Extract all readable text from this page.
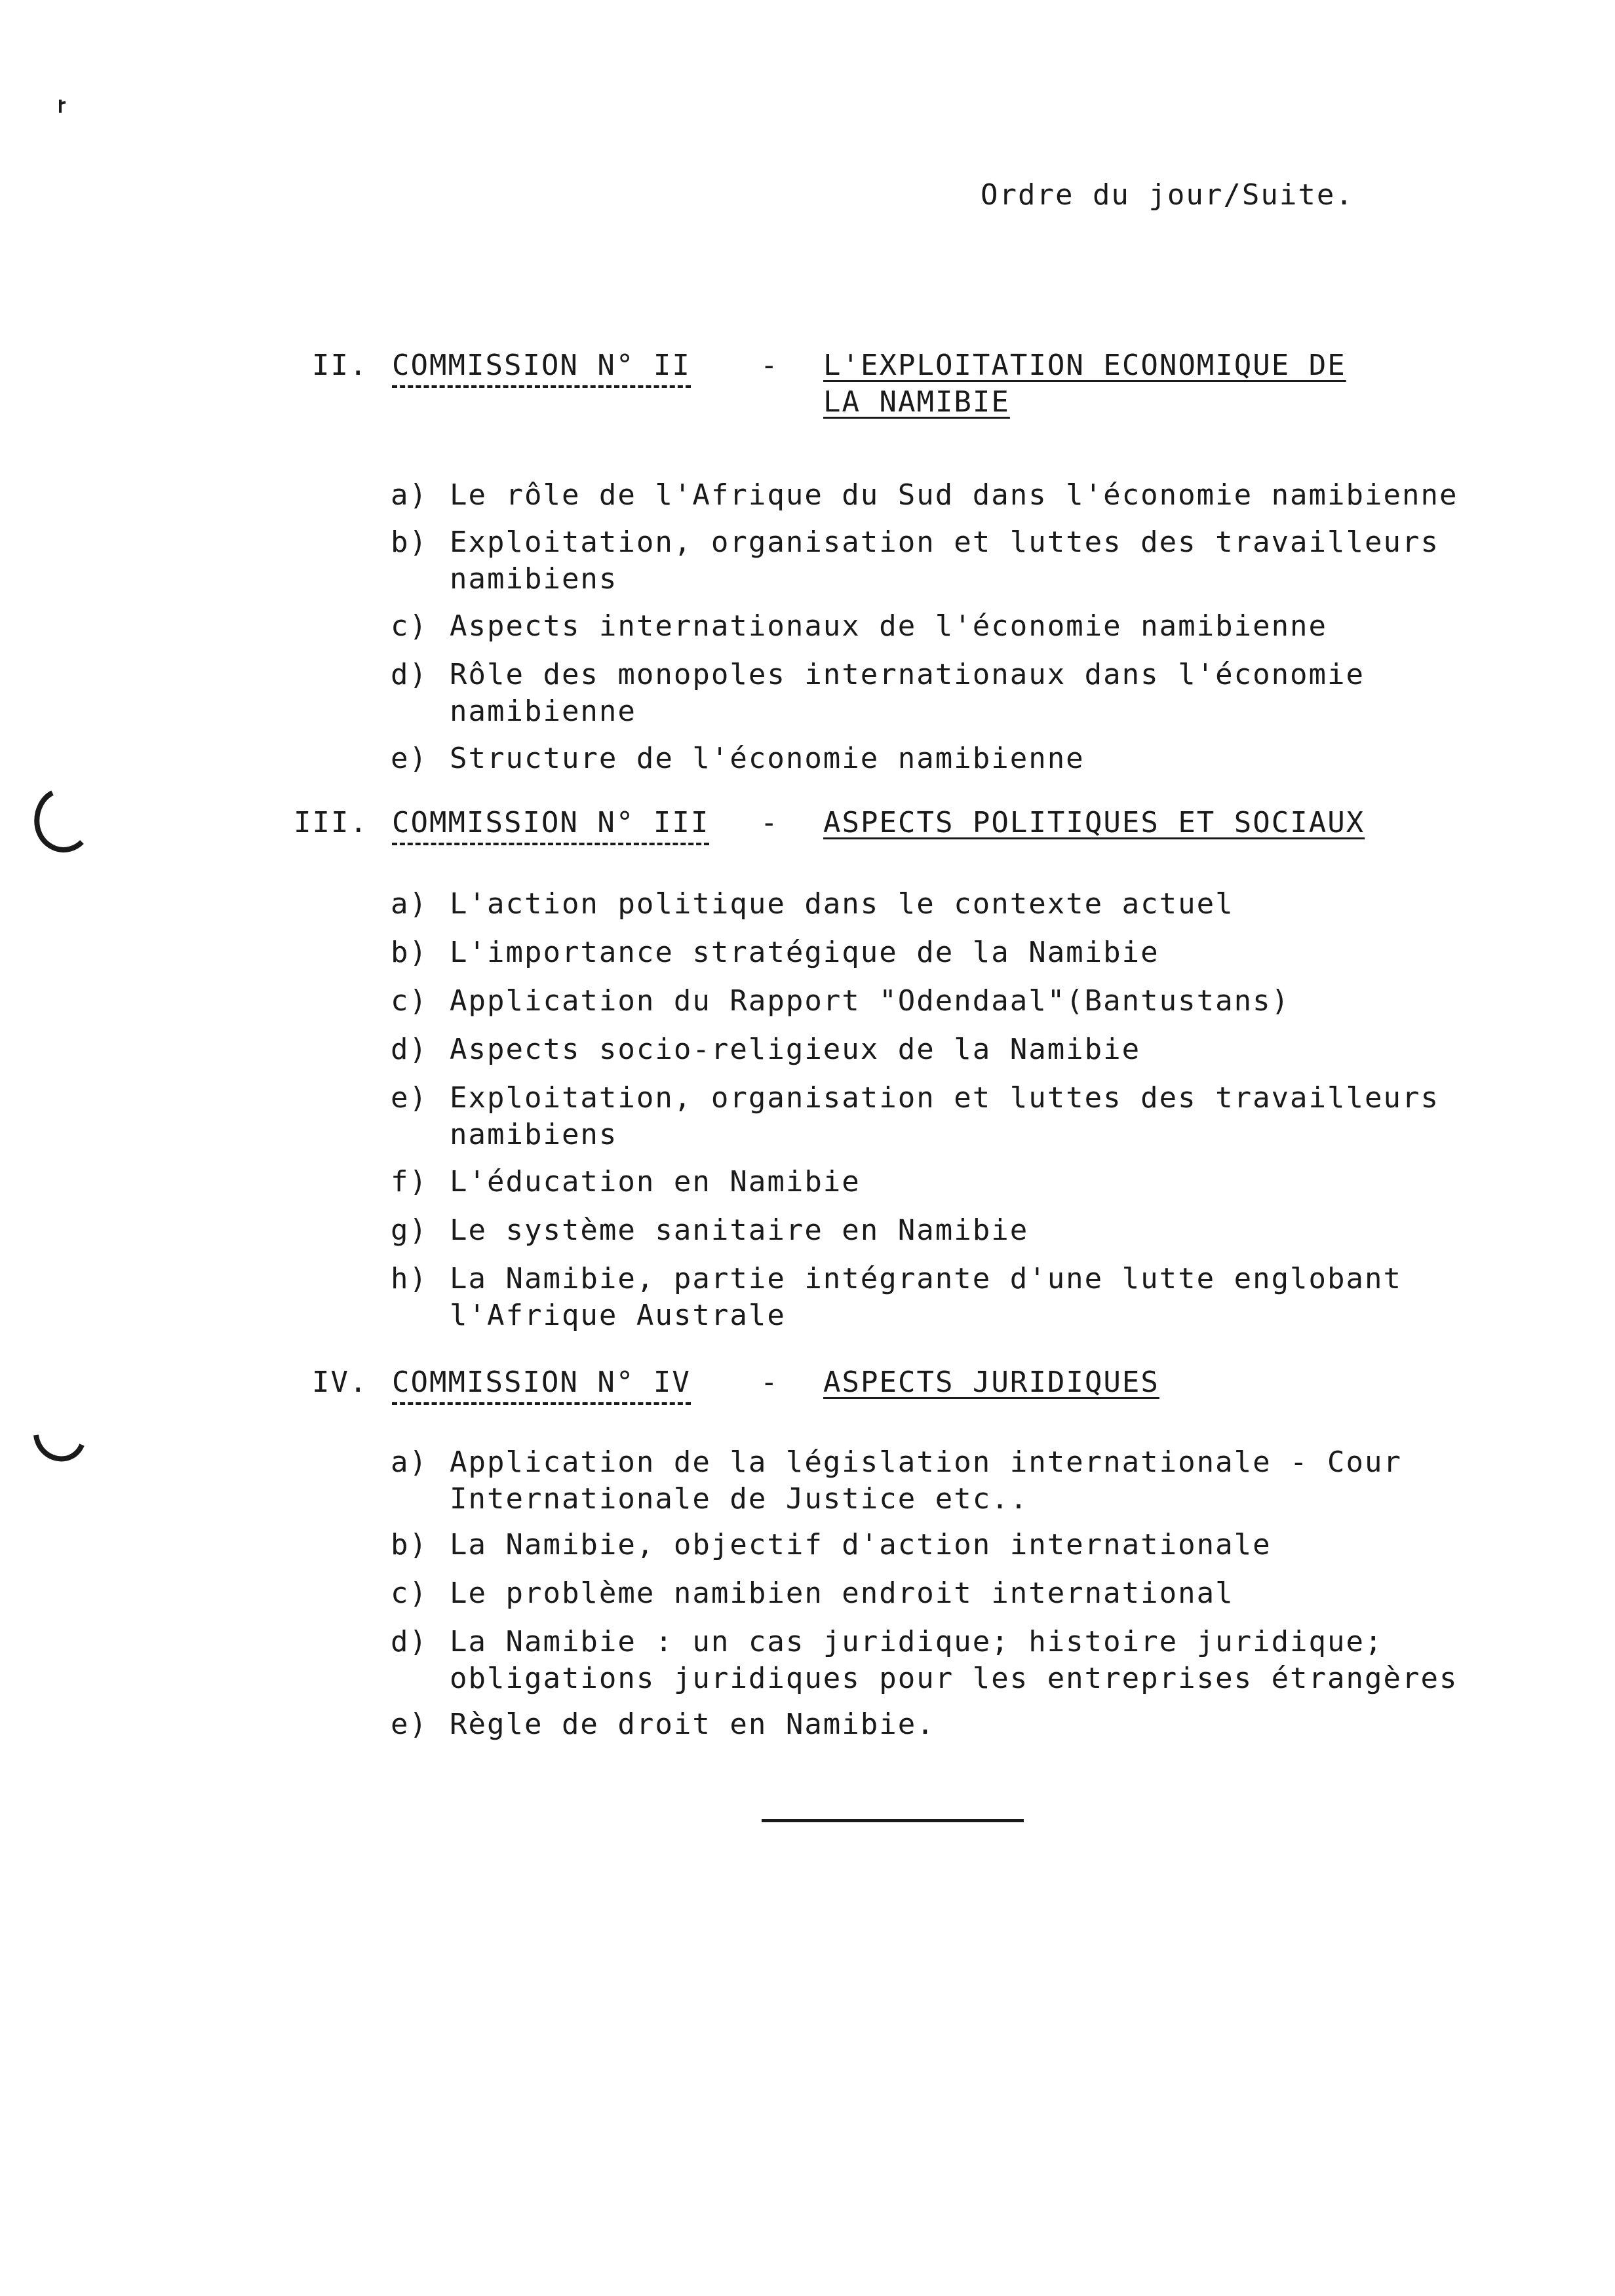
Ordre du jour/Suite.
II. COMMISSION N° II - L'EXPLOITATION ECONOMIQUE DE
LA NAMIBIE
a) Le rôle de l'Afrique du Sud dans l'économie namibienne
b) Exploitation, organisation et luttes des travailleurs
namibiens
c) Aspects internationaux de l'économie namibienne
d) Rôle des monopoles internationaux dans l'économie
namibienne
e) Structure de l'économie namibienne
III. COMMISSION N° III - ASPECTS POLITIQUES ET SOCIAUX
a) L'action politique dans le contexte actuel
b) L'importance stratégique de la Namibie
c) Application du Rapport "Odendaal"(Bantustans)
d) Aspects socio-religieux de la Namibie
e) Exploitation, organisation et luttes des travailleurs
namibiens
f) L'éducation en Namibie
g) Le système sanitaire en Namibie
h) La Namibie, partie intégrante d'une lutte englobant
l'Afrique Australe
IV. COMMISSION N° IV - ASPECTS JURIDIQUES
a) Application de la législation internationale - Cour
Internationale de Justice etc..
b) La Namibie, objectif d'action internationale
c) Le problème namibien endroit international
d) La Namibie : un cas juridique; histoire juridique;
obligations juridiques pour les entreprises étrangères
e) Règle de droit en Namibie.
